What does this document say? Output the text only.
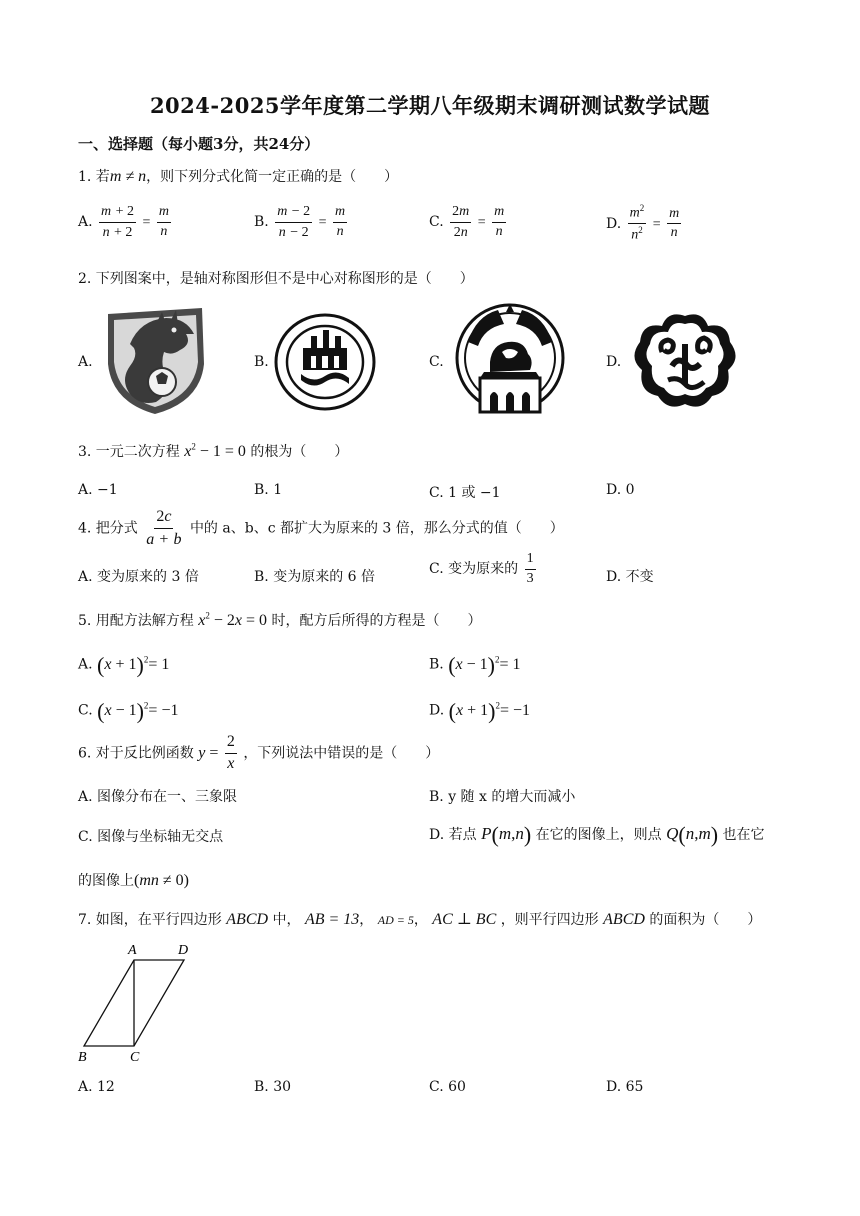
2024-2025学年度第二学期八年级期末调研测试数学试题
一、选择题（每小题3分，共24分）
1. 若m ≠ n，则下列分式化简一定正确的是（　　）
A. $\frac{m + 2}{n + 2} = \frac{m}{n}$	B. $\frac{m - 2}{n - 2} = \frac{m}{n}$	C. $\frac{2m}{2n} = \frac{m}{n}$	D. $\frac{m^2}{n^2} = \frac{m}{n}$
2. 下列图案中，是轴对称图形但不是中心对称图形的是（　　）
A.	B.	C.	D.
3. 一元二次方程 $x^2 - 1 = 0$ 的根为（　　）
A. −1	B. 1	C. 1 或 −1	D. 0
4. 把分式 $\frac{2c}{a + b}$ 中的 a、b、c 都扩大为原来的 3 倍，那么分式的值（　　）
A. 变为原来的 3 倍	B. 变为原来的 6 倍	C. 变为原来的 $\frac{1}{3}$	D. 不变
5. 用配方法解方程 $x^2 - 2x = 0$ 时，配方后所得的方程是（　　）
A. $(x + 1)^2= 1$	B. $(x - 1)^2= 1$
C. $(x - 1)^2= -1$	D. $(x + 1)^2= -1$
6. 对于反比例函数 $y = \frac{2}{x}$ ，下列说法中错误的是（　　）
A. 图像分布在一、三象限	B. y 随 x 的增大而减小
C. 图像与坐标轴无交点	D. 若点 P(m,n) 在它的图像上，则点 Q(n,m) 也在它
的图像上(mn ≠ 0)
7. 如图，在平行四边形 ABCD 中， AB = 13， AD = 5， AC ⊥ BC ，则平行四边形 ABCD 的面积为（　　）
A	D
B	C
A. 12	B. 30	C. 60	D. 65
